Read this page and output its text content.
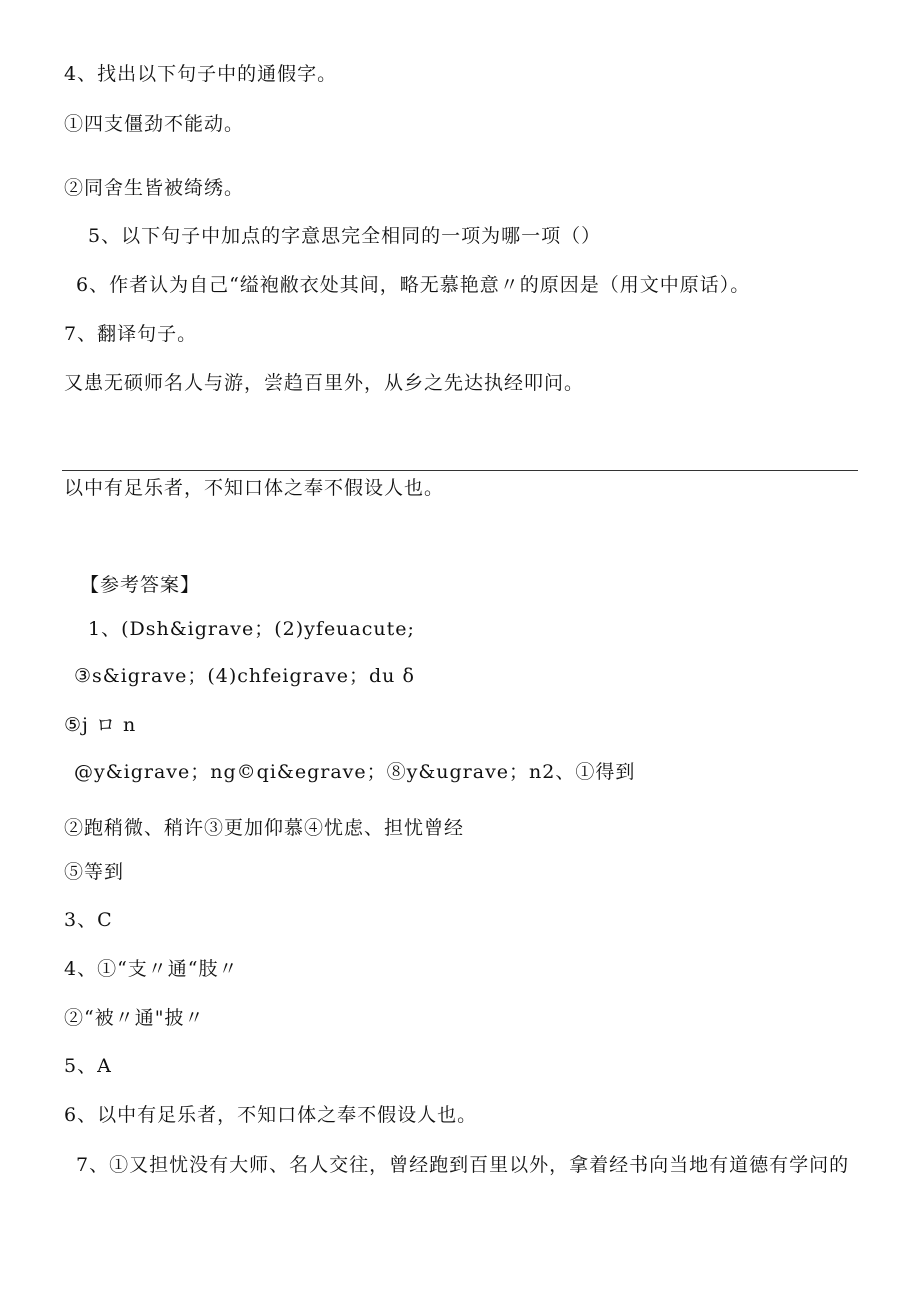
4、找出以下句子中的通假字。
①四支僵劲不能动。
②同舍生皆被绮绣。
5、以下句子中加点的字意思完全相同的一项为哪一项（）
6、作者认为自己“缢袍敝衣处其间，略无慕艳意〃的原因是（用文中原话）。
7、翻译句子。
又患无硕师名人与游，尝趋百里外，从乡之先达执经叩问。
以中有足乐者，不知口体之奉不假设人也。
【参考答案】
1、(Dsh&igrave；(2)yfeuacute;
③s&igrave；(4)chfeigrave；du δ
⑤j ロ n
@y&igrave；ng©qi&egrave；⑧y&ugrave；n2、①得到
②跑稍微、稍许③更加仰慕④忧虑、担忧曾经
⑤等到
3、C
4、①“支〃通“肢〃
②“被〃通"披〃
5、A
6、以中有足乐者，不知口体之奉不假设人也。
7、①又担忧没有大师、名人交往，曾经跑到百里以外，拿着经书向当地有道德有学问的
